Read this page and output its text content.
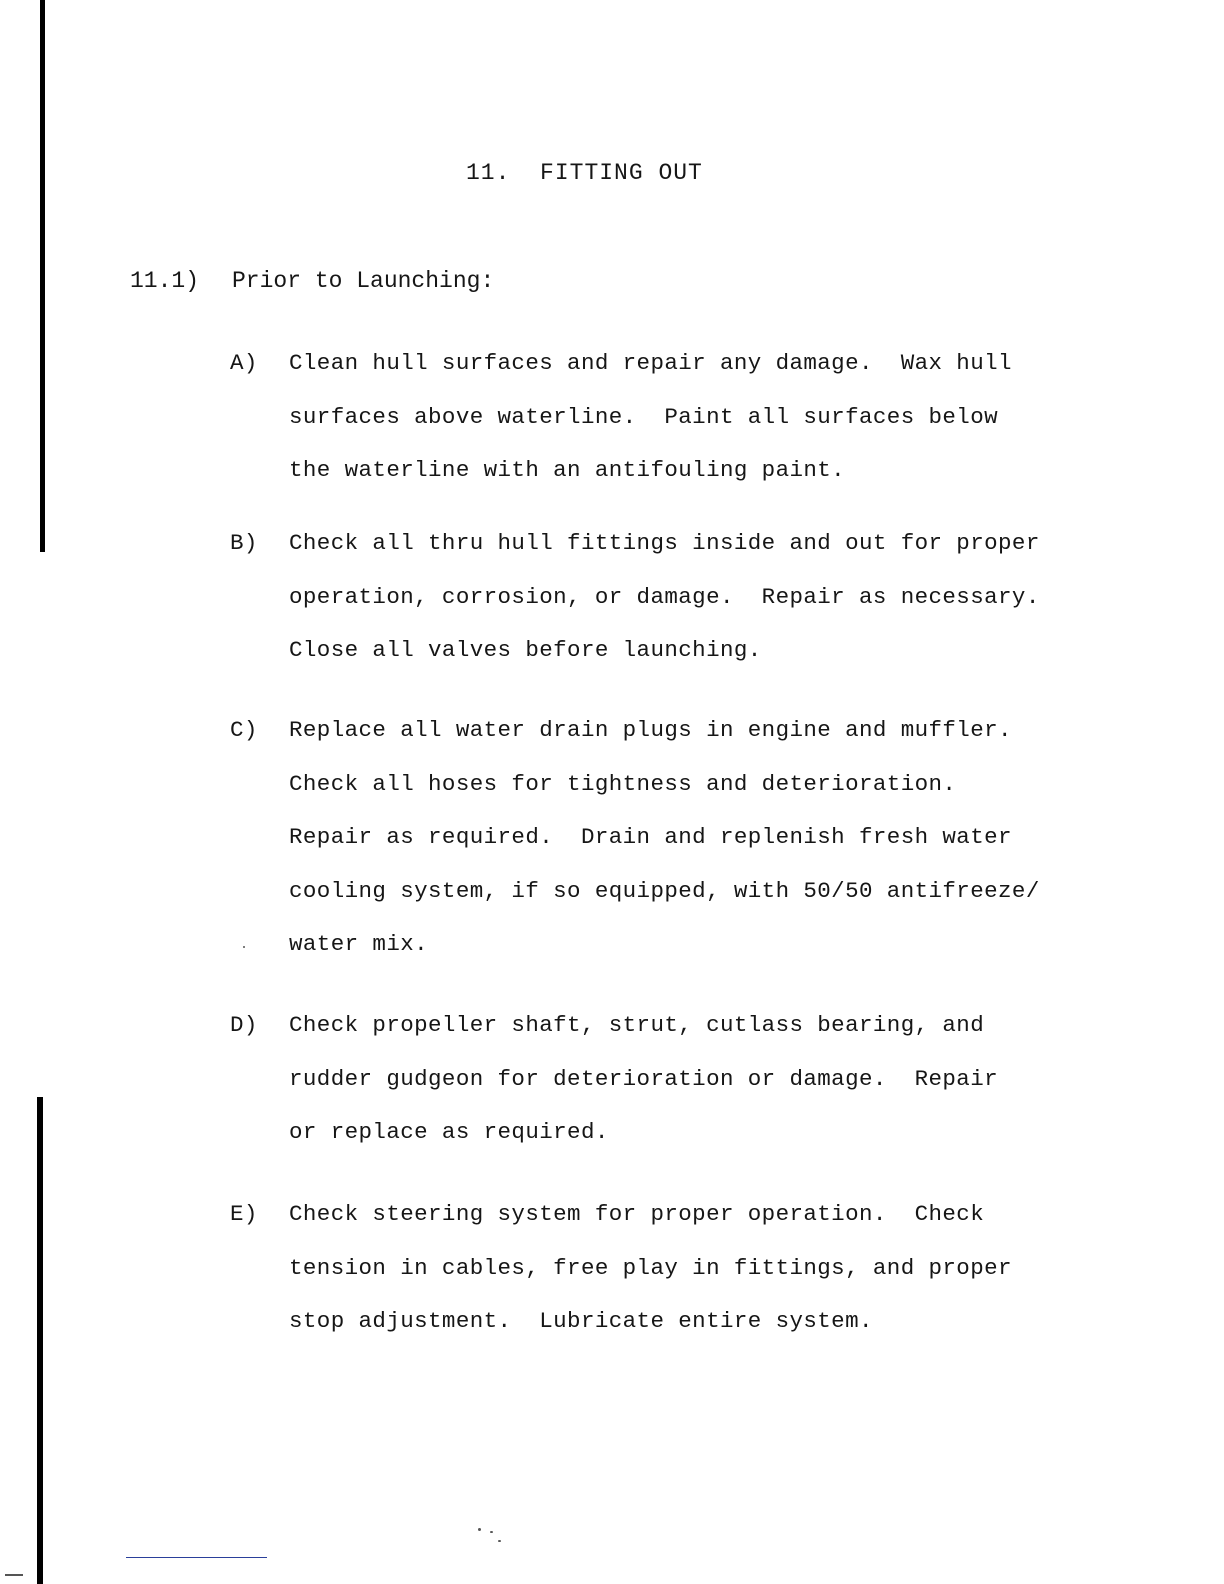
11. FITTING OUT
11.1) Prior to Launching:
A)	Clean hull surfaces and repair any damage.  Wax hull
surfaces above waterline.  Paint all surfaces below
the waterline with an antifouling paint.
B)	Check all thru hull fittings inside and out for proper
operation, corrosion, or damage.  Repair as necessary.
Close all valves before launching.
C)	Replace all water drain plugs in engine and muffler.
Check all hoses for tightness and deterioration.
Repair as required.  Drain and replenish fresh water
cooling system, if so equipped, with 50/50 antifreeze/
water mix.
D)	Check propeller shaft, strut, cutlass bearing, and
rudder gudgeon for deterioration or damage.  Repair
or replace as required.
E)	Check steering system for proper operation.  Check
tension in cables, free play in fittings, and proper
stop adjustment.  Lubricate entire system.
